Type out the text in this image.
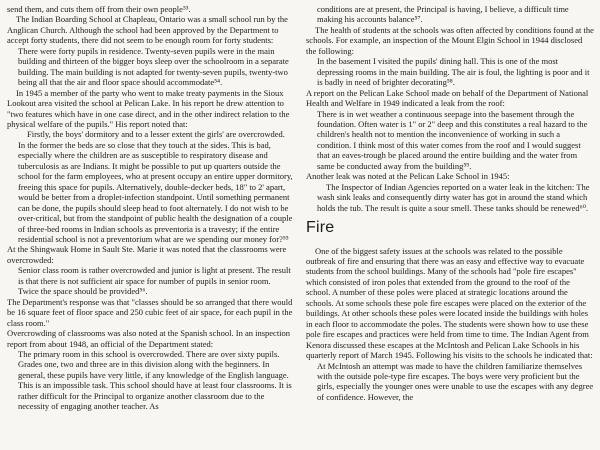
send them, and cuts them off from their own people⁵³.

The Indian Boarding School at Chapleau, Ontario was a small school run by the Anglican Church. Although the school had been approved by the Department to accept forty students, there did not seem to be enough room for forty students:

There were forty pupils in residence. Twenty-seven pupils were in the main building and thirteen of the bigger boys sleep over the schoolroom in a separate building. The main building is not adapted for twenty-seven pupils, twenty-two being all that the air and floor space should accommodate⁵⁴.

In 1945 a member of the party who went to make treaty payments in the Sioux Lookout area visited the school at Pelican Lake. In his report he drew attention to "two features which have in one case direct, and in the other indirect relation to the physical welfare of the pupils." His report noted that:

Firstly, the boys' dormitory and to a lesser extent the girls' are overcrowded. In the former the beds are so close that they touch at the sides. This is bad, especially where the children are as susceptible to respiratory disease and tuberculosis as are Indians. It might be possible to put up quarters outside the school for the farm employees, who at present occupy an entire upper dormitory, freeing this space for pupils. Alternatively, double-decker beds, 18" to 2' apart, would be better from a droplet-infection standpoint. Until something permanent can be done, the pupils should sleep head to foot alternately. I do not wish to be over-critical, but from the standpoint of public health the designation of a couple of three-bed rooms in Indian schools as preventoria is a travesty; if the entire residential school is not a preventorium what are we spending our money for?⁵⁵

At the Shingwauk Home in Sault Ste. Marie it was noted that the classrooms were overcrowded:

Senior class room is rather overcrowded and junior is light at present. The result is that there is not sufficient air space for number of pupils in senior room. Twice the space should be provided⁵⁶.

The Department's response was that "classes should be so arranged that there would be 16 square feet of floor space and 250 cubic feet of air space, for each pupil in the class room."

Overcrowding of classrooms was also noted at the Spanish school. In an inspection report from about 1948, an official of the Department stated:

The primary room in this school is overcrowded. There are over sixty pupils. Grades one, two and three are in this division along with the beginners. In general, these pupils have very little, if any knowledge of the English language. This is an impossible task. This school should have at least four classrooms. It is rather difficult for the Principal to organize another classroom due to the necessity of engaging another teacher. As

conditions are at present, the Principal is having, I believe, a difficult time making his accounts balance⁵⁷.

The health of students at the schools was often affected by conditions found at the schools. For example, an inspection of the Mount Elgin School in 1944 disclosed the following:

In the basement I visited the pupils' dining hall. This is one of the most depressing rooms in the main building. The air is foul, the lighting is poor and it is badly in need of brighter decorating⁵⁸.

A report on the Pelican Lake School made on behalf of the Department of National Health and Welfare in 1949 indicated a leak from the roof:

There is in wet weather a continuous seepage into the basement through the foundation. Often water is 1" or 2" deep and this constitutes a real hazard to the children's health not to mention the inconvenience of working in such a condition. I think most of this water comes from the roof and I would suggest that an eaves-trough be placed around the entire building and the water from same be conducted away from the building⁵⁹.

Another leak was noted at the Pelican Lake School in 1945:

The Inspector of Indian Agencies reported on a water leak in the kitchen: The wash sink leaks and consequently dirty water has got in around the stand which holds the tub. The result is quite a sour smell. These tanks should be renewed⁶⁰.

Fire

One of the biggest safety issues at the schools was related to the possible outbreak of fire and ensuring that there was an easy and effective way to evacuate students from the school buildings. Many of the schools had "pole fire escapes" which consisted of iron poles that extended from the ground to the roof of the school. A number of these poles were placed at strategic locations around the schools. At some schools these pole fire escapes were placed on the exterior of the buildings. At other schools these poles were located inside the buildings with holes in each floor to accommodate the poles. The students were shown how to use these pole fire escapes and practices were held from time to time. The Indian Agent from Kenora discussed these escapes at the McIntosh and Pelican Lake Schools in his quarterly report of March 1945. Following his visits to the schools he indicated that:

At McIntosh an attempt was made to have the children familiarize themselves with the outside pole-type fire escapes. The boys were very proficient but the girls, especially the younger ones were unable to use the escapes with any degree of confidence. However, the
